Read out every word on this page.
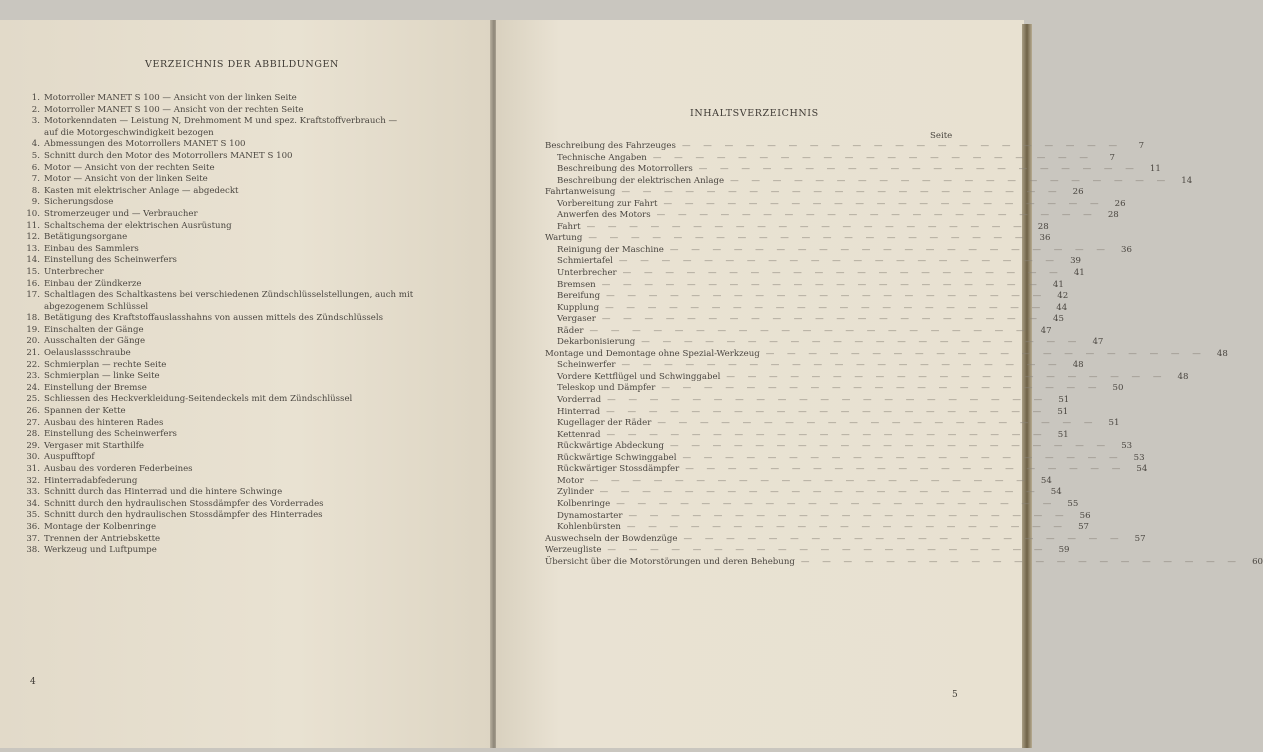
VERZEICHNIS DER ABBILDUNGEN
1. Motorroller MANET S 100 — Ansicht von der linken Seite
2. Motorroller MANET S 100 — Ansicht von der rechten Seite
3. Motorkenndaten — Leistung N, Drehmoment M und spez. Kraftstoffverbrauch —
auf die Motorgeschwindigkeit bezogen
4. Abmessungen des Motorrollers MANET S 100
5. Schnitt durch den Motor des Motorrollers MANET S 100
6. Motor — Ansicht von der rechten Seite
7. Motor — Ansicht von der linken Seite
8. Kasten mit elektrischer Anlage — abgedeckt
9. Sicherungsdose
10. Stromerzeuger und — Verbraucher
11. Schaltschema der elektrischen Ausrüstung
12. Betätigungsorgane
13. Einbau des Sammlers
14. Einstellung des Scheinwerfers
15. Unterbrecher
16. Einbau der Zündkerze
17. Schaltlagen des Schaltkastens bei verschiedenen Zündschlüsselstellungen, auch mit
abgezogenem Schlüssel
18. Betätigung des Kraftstoffauslasshahns von aussen mittels des Zündschlüssels
19. Einschalten der Gänge
20. Ausschalten der Gänge
21. Oelauslassschraube
22. Schmierplan — rechte Seite
23. Schmierplan — linke Seite
24. Einstellung der Bremse
25. Schliessen des Heckverkleidung-Seitendeckels mit dem Zündschlüssel
26. Spannen der Kette
27. Ausbau des hinteren Rades
28. Einstellung des Scheinwerfers
29. Vergaser mit Starthilfe
30. Auspufftopf
31. Ausbau des vorderen Federbeines
32. Hinterradabfederung
33. Schnitt durch das Hinterrad und die hintere Schwinge
34. Schnitt durch den hydraulischen Stossdämpfer des Vorderrades
35. Schnitt durch den hydraulischen Stossdämpfer des Hinterrades
36. Montage der Kolbenringe
37. Trennen der Antriebskette
38. Werkzeug und Luftpumpe
4
INHALTSVERZEICHNIS
Seite
Beschreibung des Fahrzeuges — — — — — — — — — — — — — — — — — — — — —	7
Technische Angaben — — — — — — — — — — — — — — — — — — — — —	7
Beschreibung des Motorrollers — — — — — — — — — — — — — — — — — — — — —	11
Beschreibung der elektrischen Anlage — — — — — — — — — — — — — — — — — — — — —	14
Fahrtanweisung — — — — — — — — — — — — — — — — — — — — —	26
Vorbereitung zur Fahrt — — — — — — — — — — — — — — — — — — — — —	26
Anwerfen des Motors — — — — — — — — — — — — — — — — — — — — —	28
Fahrt — — — — — — — — — — — — — — — — — — — — —	28
Wartung — — — — — — — — — — — — — — — — — — — — —	36
Reinigung der Maschine — — — — — — — — — — — — — — — — — — — — —	36
Schmiertafel — — — — — — — — — — — — — — — — — — — — —	39
Unterbrecher — — — — — — — — — — — — — — — — — — — — —	41
Bremsen — — — — — — — — — — — — — — — — — — — — —	41
Bereifung — — — — — — — — — — — — — — — — — — — — —	42
Kupplung — — — — — — — — — — — — — — — — — — — — —	44
Vergaser — — — — — — — — — — — — — — — — — — — — —	45
Räder — — — — — — — — — — — — — — — — — — — — —	47
Dekarbonisierung — — — — — — — — — — — — — — — — — — — — —	47
Montage und Demontage ohne Spezial-Werkzeug — — — — — — — — — — — — — — — — — — — — —	48
Scheinwerfer — — — — — — — — — — — — — — — — — — — — —	48
Vordere Kettflügel und Schwinggabel — — — — — — — — — — — — — — — — — — — — —	48
Teleskop und Dämpfer — — — — — — — — — — — — — — — — — — — — —	50
Vorderrad — — — — — — — — — — — — — — — — — — — — —	51
Hinterrad — — — — — — — — — — — — — — — — — — — — —	51
Kugellager der Räder — — — — — — — — — — — — — — — — — — — — —	51
Kettenrad — — — — — — — — — — — — — — — — — — — — —	51
Rückwärtige Abdeckung — — — — — — — — — — — — — — — — — — — — —	53
Rückwärtige Schwinggabel — — — — — — — — — — — — — — — — — — — — —	53
Rückwärtiger Stossdämpfer — — — — — — — — — — — — — — — — — — — — —	54
Motor — — — — — — — — — — — — — — — — — — — — —	54
Zylinder — — — — — — — — — — — — — — — — — — — — —	54
Kolbenringe — — — — — — — — — — — — — — — — — — — — —	55
Dynamostarter — — — — — — — — — — — — — — — — — — — — —	56
Kohlenbürsten — — — — — — — — — — — — — — — — — — — — —	57
Auswechseln der Bowdenzüge — — — — — — — — — — — — — — — — — — — — —	57
Werzeugliste — — — — — — — — — — — — — — — — — — — — —	59
Übersicht über die Motorstörungen und deren Behebung — — — — — — — — — — — — — — — — — — — — —	60
5
